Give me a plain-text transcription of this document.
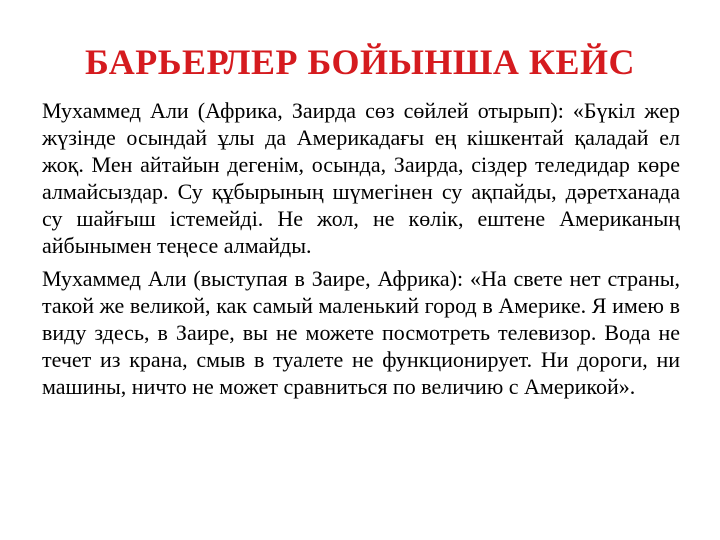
БАРЬЕРЛЕР БОЙЫНША КЕЙС

Мухаммед Али (Африка, Заирда сөз сөйлей отырып): «Бүкіл жер жүзінде осындай ұлы да Америкадағы ең кішкентай қаладай ел жоқ. Мен айтайын дегенім, осында, Заирда, сіздер теледидар көре алмайсыздар. Су құбырының шүмегінен су ақпайды, дәретханада су шайғыш істемейді. Не жол, не көлік, ештене Американың айбынымен теңесе алмайды.

Мухаммед Али (выступая в Заире, Африка): «На свете нет страны, такой же великой, как самый маленький город в Америке. Я имею в виду здесь, в Заире, вы не можете посмотреть телевизор. Вода не течет из крана, смыв в туалете не функционирует. Ни дороги, ни машины, ничто не может сравниться по величию с Америкой».
